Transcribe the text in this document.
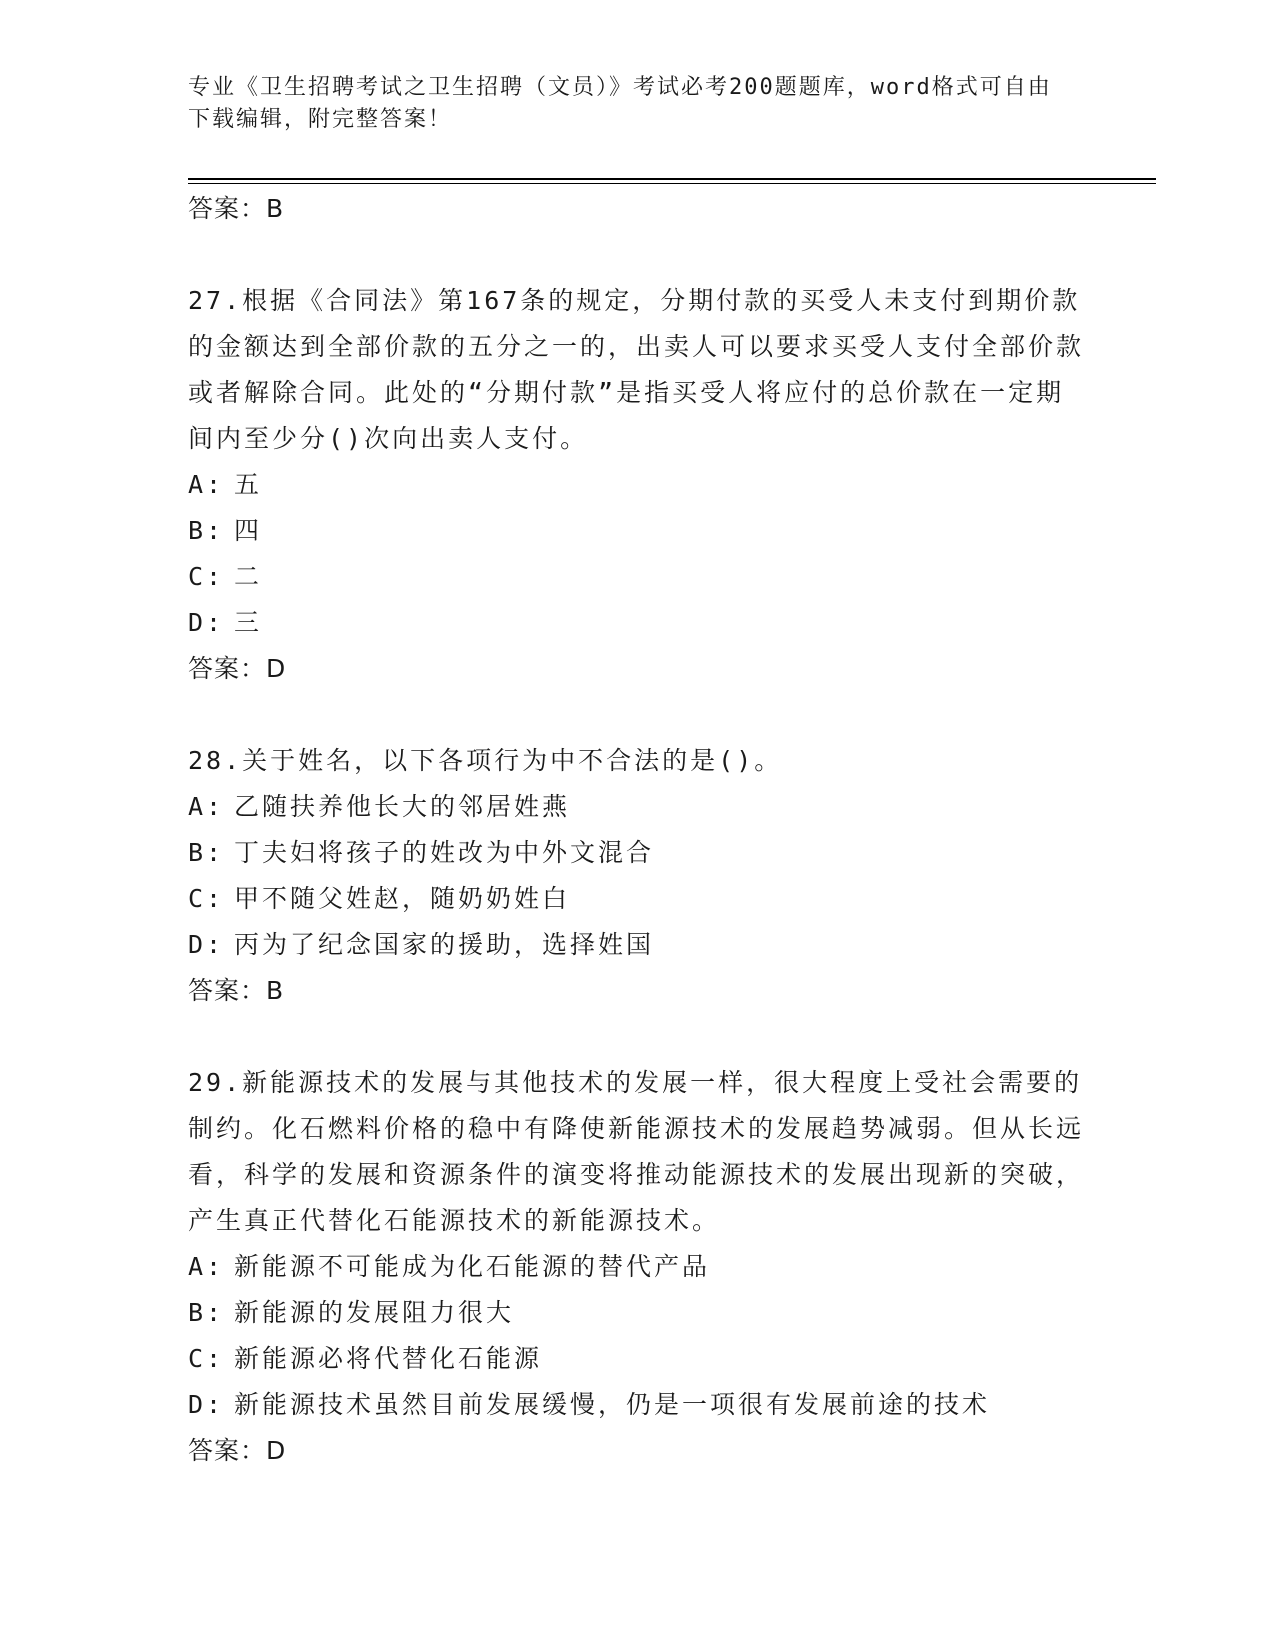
专业《卫生招聘考试之卫生招聘（文员）》考试必考200题题库，word格式可自由下载编辑，附完整答案！
答案：B
27.根据《合同法》第167条的规定，分期付款的买受人未支付到期价款的金额达到全部价款的五分之一的，出卖人可以要求买受人支付全部价款或者解除合同。此处的“分期付款”是指买受人将应付的总价款在一定期间内至少分()次向出卖人支付。
A: 五
B: 四
C: 二
D: 三
答案：D
28.关于姓名，以下各项行为中不合法的是()。
A: 乙随扶养他长大的邻居姓燕
B: 丁夫妇将孩子的姓改为中外文混合
C: 甲不随父姓赵，随奶奶姓白
D: 丙为了纪念国家的援助，选择姓国
答案：B
29.新能源技术的发展与其他技术的发展一样，很大程度上受社会需要的制约。化石燃料价格的稳中有降使新能源技术的发展趋势减弱。但从长远看，科学的发展和资源条件的演变将推动能源技术的发展出现新的突破，产生真正代替化石能源技术的新能源技术。
A: 新能源不可能成为化石能源的替代产品
B: 新能源的发展阻力很大
C: 新能源必将代替化石能源
D: 新能源技术虽然目前发展缓慢，仍是一项很有发展前途的技术
答案：D
